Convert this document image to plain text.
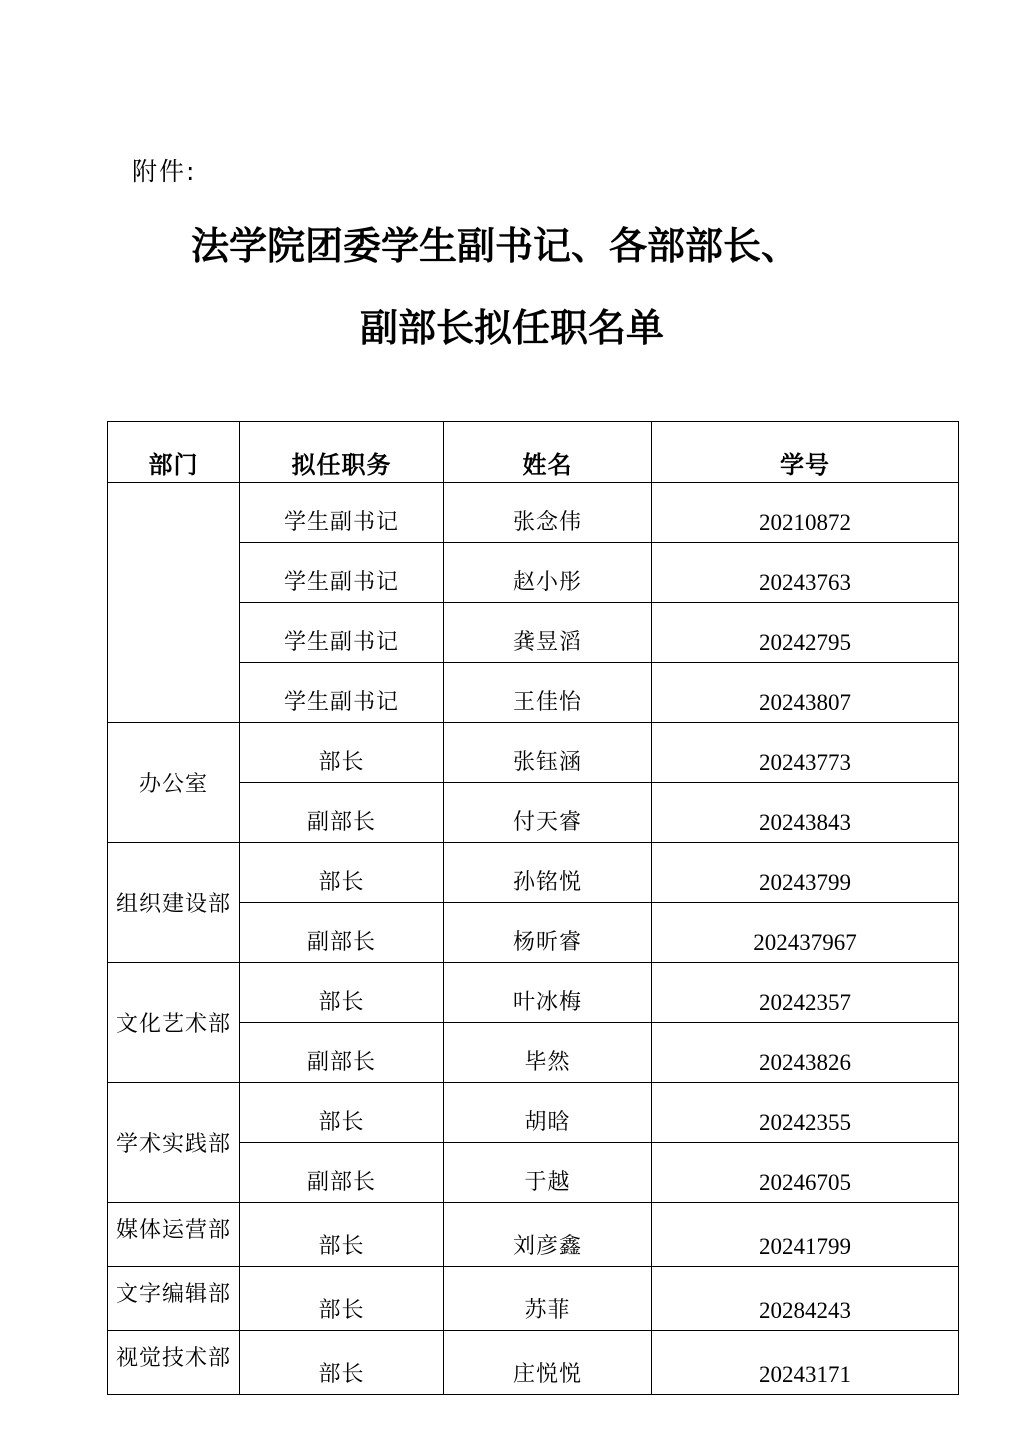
附件:
法学院团委学生副书记、各部部长、
副部长拟任职名单
部门	拟任职务	姓名	学号
	学生副书记	张念伟	20210872
	学生副书记	赵小彤	20243763
	学生副书记	龚昱滔	20242795
	学生副书记	王佳怡	20243807
办公室	部长	张钰涵	20243773
	副部长	付天睿	20243843
组织建设部	部长	孙铭悦	20243799
	副部长	杨昕睿	202437967
文化艺术部	部长	叶冰梅	20242357
	副部长	毕然	20243826
学术实践部	部长	胡晗	20242355
	副部长	于越	20246705
媒体运营部	部长	刘彦鑫	20241799
文字编辑部	部长	苏菲	20284243
视觉技术部	部长	庄悦悦	20243171
